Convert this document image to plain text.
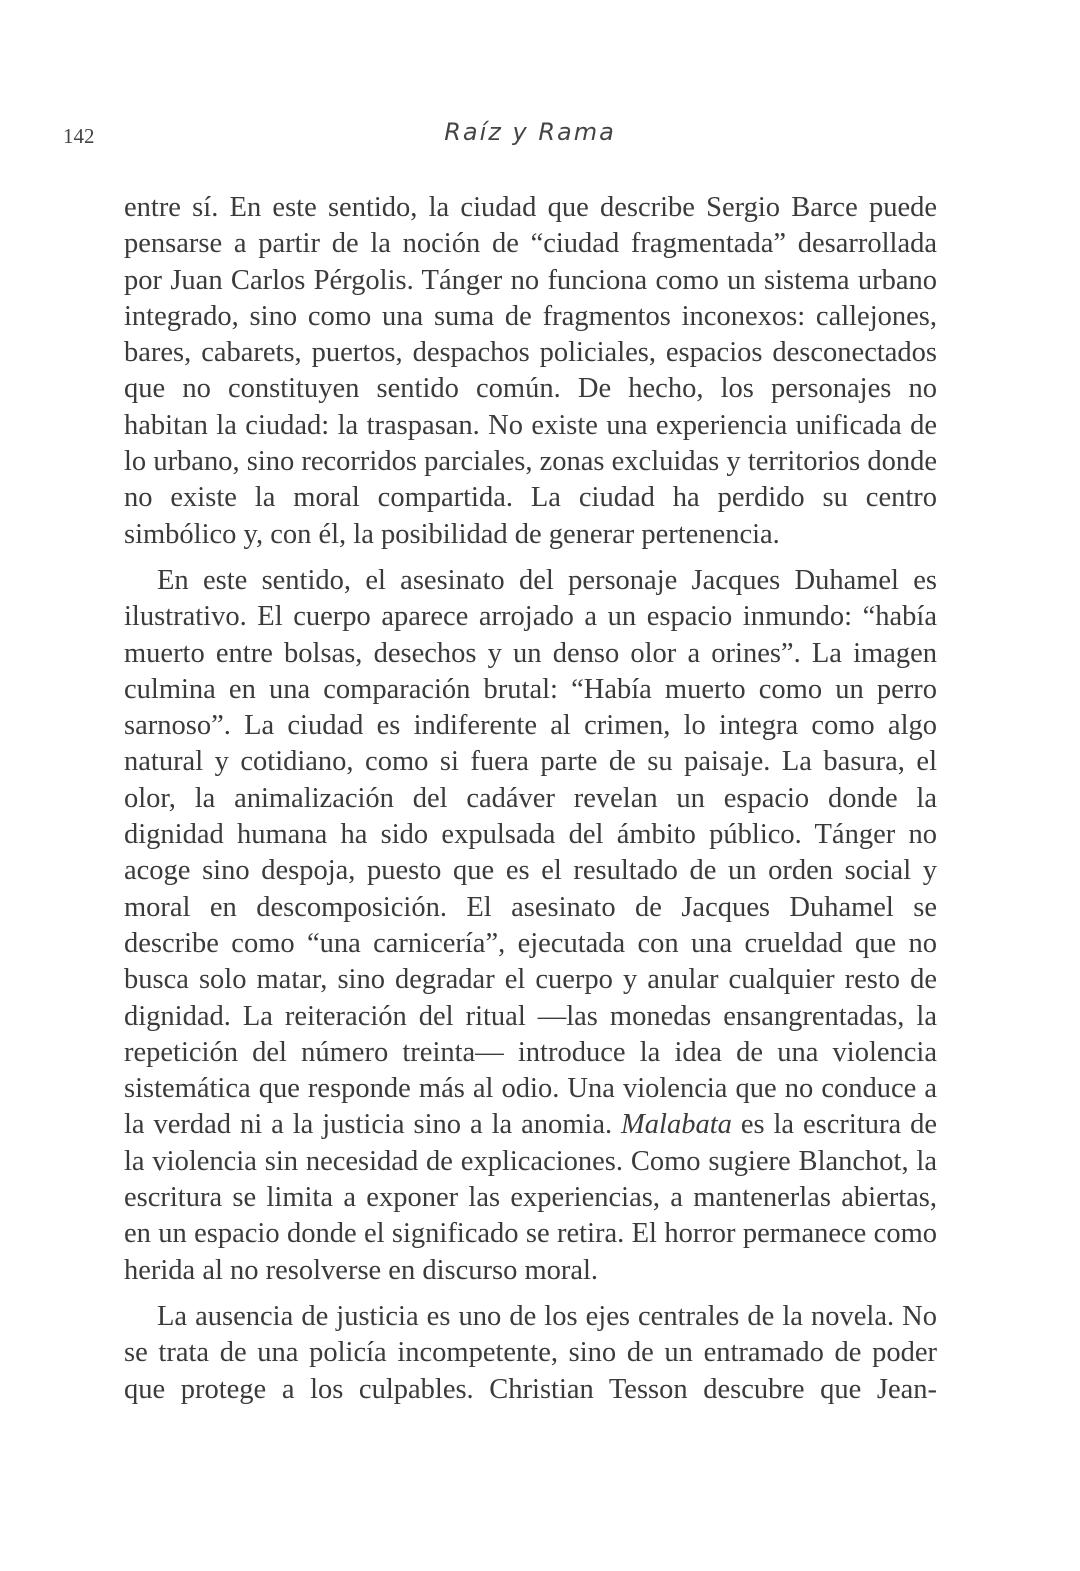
142	Raíz y Rama

entre sí. En este sentido, la ciudad que describe Sergio Barce puede pensarse a partir de la noción de “ciudad fragmentada” desarrollada por Juan Carlos Pérgolis. Tánger no funciona como un sistema urbano integrado, sino como una suma de fragmentos inconexos: callejones, bares, cabarets, puertos, despachos policiales, espacios desconectados que no constituyen sentido común. De hecho, los personajes no habitan la ciudad: la traspasan. No existe una experiencia unificada de lo urbano, sino recorridos parciales, zonas excluidas y territorios donde no existe la moral compartida. La ciudad ha perdido su centro simbólico y, con él, la posibilidad de generar pertenencia.

En este sentido, el asesinato del personaje Jacques Duhamel es ilustrativo. El cuerpo aparece arrojado a un espacio inmundo: “había muerto entre bolsas, desechos y un denso olor a orines”. La imagen culmina en una comparación brutal: “Había muerto como un perro sarnoso”. La ciudad es indiferente al crimen, lo integra como algo natural y cotidiano, como si fuera parte de su paisaje. La basura, el olor, la animalización del cadáver revelan un espacio donde la dignidad humana ha sido expulsada del ámbito público. Tánger no acoge sino despoja, puesto que es el resultado de un orden social y moral en descomposición. El asesinato de Jacques Duhamel se describe como “una carnicería”, ejecutada con una crueldad que no busca solo matar, sino degradar el cuerpo y anular cualquier resto de dignidad. La reiteración del ritual —las monedas ensangrentadas, la repetición del número treinta— introduce la idea de una violencia sistemática que responde más al odio. Una violencia que no conduce a la verdad ni a la justicia sino a la anomia. Malabata es la escritura de la violencia sin necesidad de explicaciones. Como sugiere Blanchot, la escritura se limita a exponer las experiencias, a mantenerlas abiertas, en un espacio donde el significado se retira. El horror permanece como herida al no resolverse en discurso moral.

La ausencia de justicia es uno de los ejes centrales de la novela. No se trata de una policía incompetente, sino de un entramado de poder que protege a los culpables. Christian Tesson descubre que Jean-
